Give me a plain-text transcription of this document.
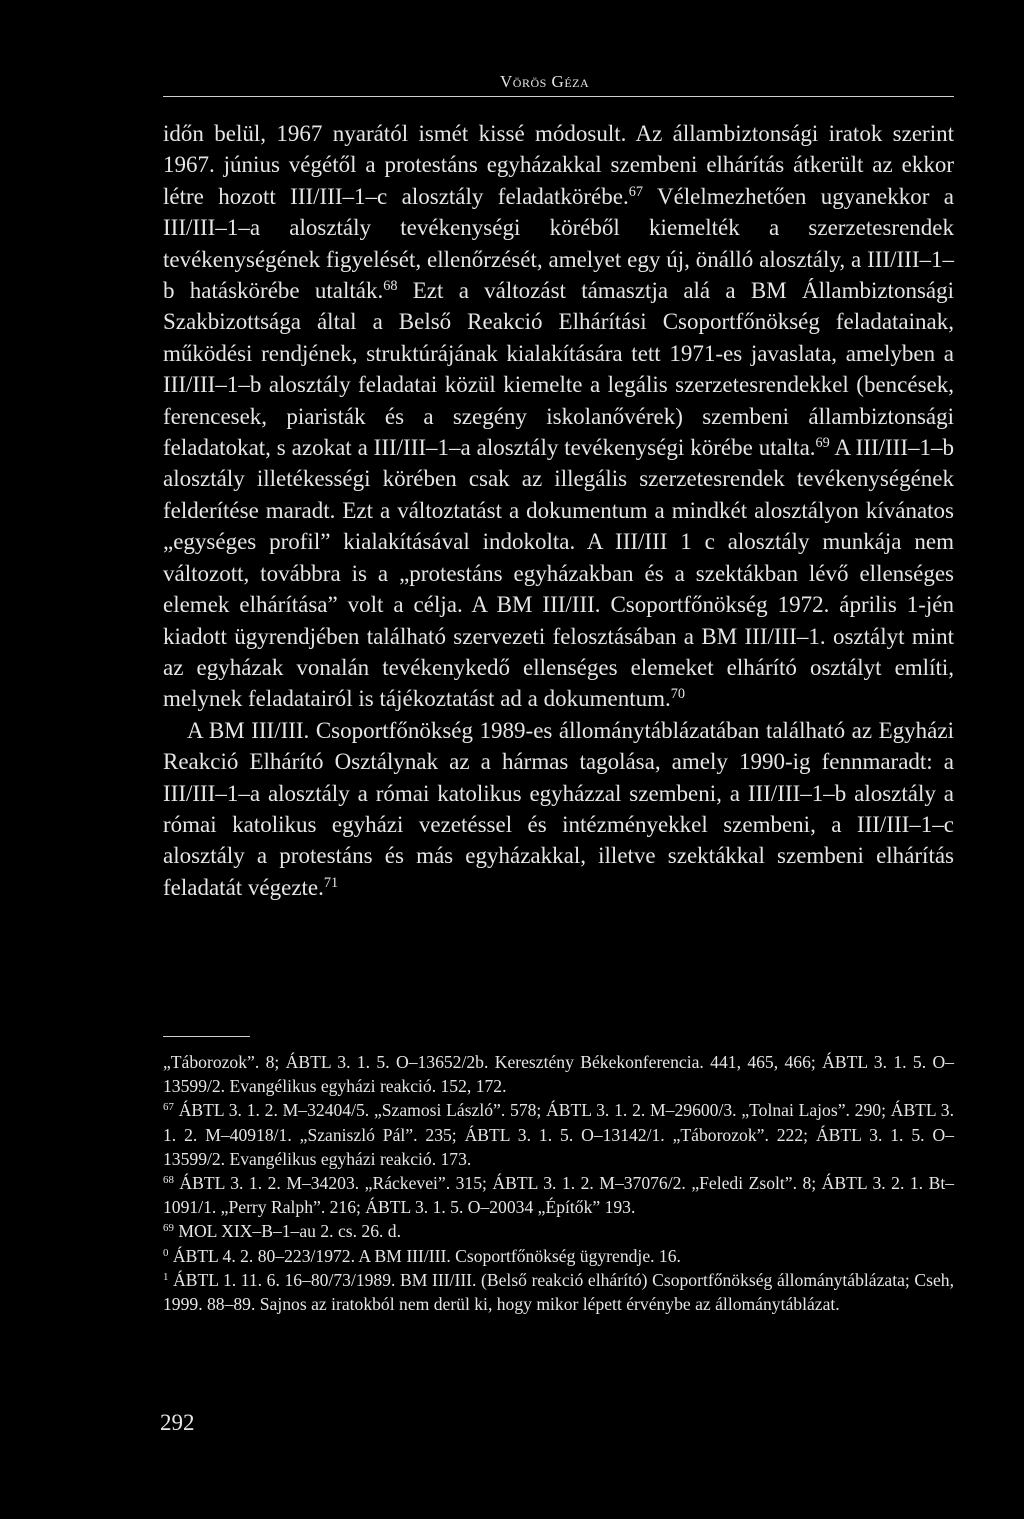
Vörös Géza

időn belül, 1967 nyarától ismét kissé módosult. Az állambiztonsági iratok szerint 1967. június végétől a protestáns egyházakkal szembeni elhárítás átkerült az ekkor létre hozott III/III–1–c alosztály feladatkörébe.$^{67}$ Vélelmezhetően ugyanekkor a III/III–1–a alosztály tevékenységi köréből kiemelték a szerzetesrendek tevékenységének figyelését, ellenőrzését, amelyet egy új, önálló alosztály, a III/III–1–b hatáskörébe utalták.$^{68}$ Ezt a változást támasztja alá a BM Állambiztonsági Szakbizottsága által a Belső Reakció Elhárítási Csoportfőnökség feladatainak, működési rendjének, struktúrájának kialakítására tett 1971-es javaslata, amelyben a III/III–1–b alosztály feladatai közül kiemelte a legális szerzetesrendekkel (bencések, ferencesek, piaristák és a szegény iskolanővérek) szembeni állambiztonsági feladatokat, s azokat a III/III–1–a alosztály tevékenységi körébe utalta.$^{69}$ A III/III–1–b alosztály illetékességi körében csak az illegális szerzetesrendek tevékenységének felderítése maradt. Ezt a változtatást a dokumentum a mindkét alosztályon kívánatos „egységes profil” kialakításával indokolta. A III/III 1 c alosztály munkája nem változott, továbbra is a „protestáns egyházakban és a szektákban lévő ellenséges elemek elhárítása” volt a célja. A BM III/III. Csoportfőnökség 1972. április 1-jén kiadott ügyrendjében található szervezeti felosztásában a BM III/III–1. osztályt mint az egyházak vonalán tevékenykedő ellenséges elemeket elhárító osztályt említi, melynek feladatairól is tájékoztatást ad a dokumentum.$^{70}$

A BM III/III. Csoportfőnökség 1989-es állománytáblázatában található az Egyházi Reakció Elhárító Osztálynak az a hármas tagolása, amely 1990-ig fennmaradt: a III/III–1–a alosztály a római katolikus egyházzal szembeni, a III/III–1–b alosztály a római katolikus egyházi vezetéssel és intézményekkel szembeni, a III/III–1–c alosztály a protestáns és más egyházakkal, illetve szektákkal szembeni elhárítás feladatát végezte.$^{71}$

„Táborozok”. 8; ÁBTL 3. 1. 5. O–13652/2b. Keresztény Békekonferencia. 441, 465, 466; ÁBTL 3. 1. 5. O–13599/2. Evangélikus egyházi reakció. 152, 172.

$^{67}$ ÁBTL 3. 1. 2. M–32404/5. „Szamosi László”. 578; ÁBTL 3. 1. 2. M–29600/3. „Tolnai Lajos”. 290; ÁBTL 3. 1. 2. M–40918/1. „Szaniszló Pál”. 235; ÁBTL 3. 1. 5. O–13142/1. „Táborozok”. 222; ÁBTL 3. 1. 5. O–13599/2. Evangélikus egyházi reakció. 173.

$^{68}$ ÁBTL 3. 1. 2. M–34203. „Ráckevei”. 315; ÁBTL 3. 1. 2. M–37076/2. „Feledi Zsolt”. 8; ÁBTL 3. 2. 1. Bt–1091/1. „Perry Ralph”. 216; ÁBTL 3. 1. 5. O–20034 „Építők” 193.

$^{69}$ MOL XIX–B–1–au 2. cs. 26. d.

$^0$ ÁBTL 4. 2. 80–223/1972. A BM III/III. Csoportfőnökség ügyrendje. 16.

$^1$ ÁBTL 1. 11. 6. 16–80/73/1989. BM III/III. (Belső reakció elhárító) Csoportfőnökség állománytáblázata; Cseh, 1999. 88–89. Sajnos az iratokból nem derül ki, hogy mikor lépett érvénybe az állománytáblázat.

292
